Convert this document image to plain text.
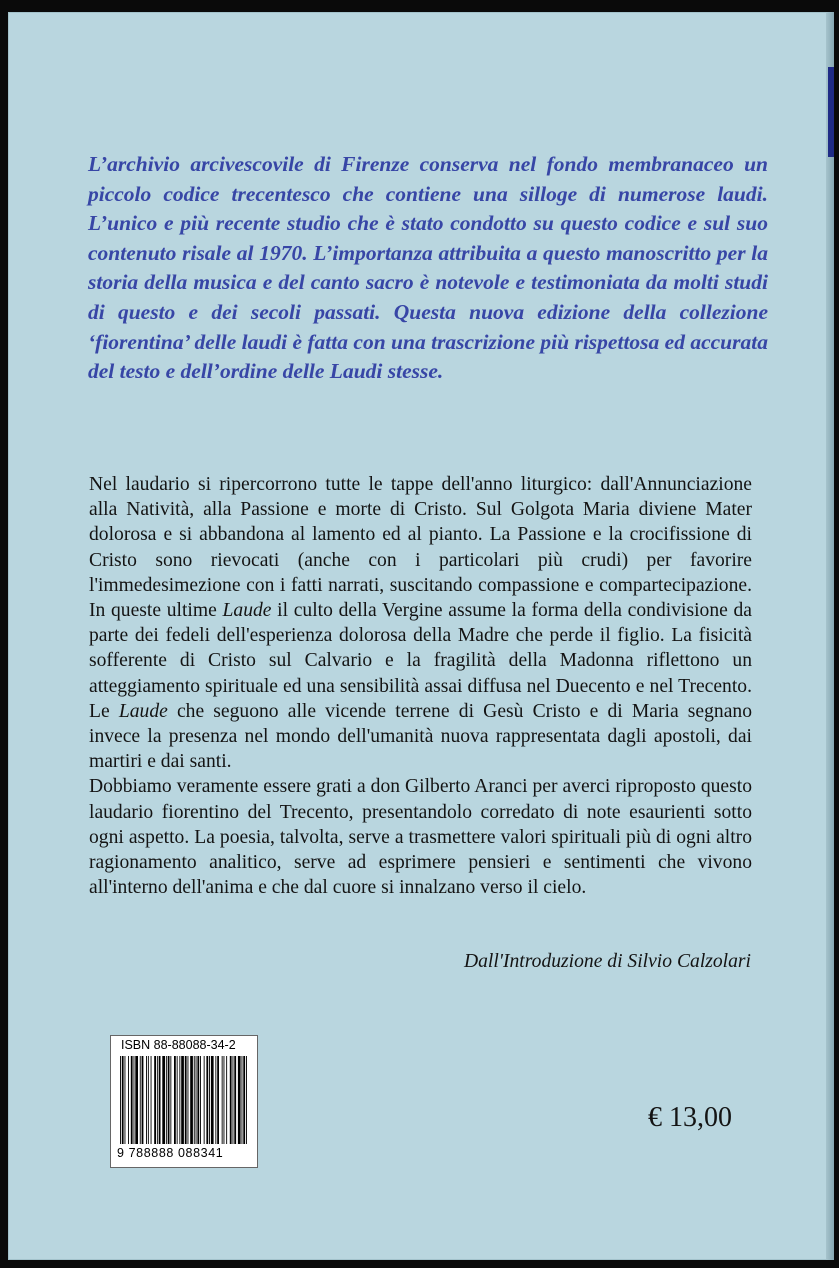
L’archivio arcivescovile di Firenze conserva nel fondo membranaceo un piccolo codice trecentesco che contiene una silloge di numerose laudi. L’unico e più recente studio che è stato condotto su questo codice e sul suo contenuto risale al 1970. L’importanza attribuita a questo manoscritto per la storia della musica e del canto sacro è notevole e testimoniata da molti studi di questo e dei secoli passati. Questa nuova edizione della collezione ‘fiorentina’ delle laudi è fatta con una trascrizione più rispettosa ed accurata del testo e dell’ordine delle Laudi stesse.

Nel laudario si ripercorrono tutte le tappe dell'anno liturgico: dall'Annunciazione alla Natività, alla Passione e morte di Cristo. Sul Golgota Maria diviene Mater dolorosa e si abbandona al lamento ed al pianto. La Passione e la crocifissione di Cristo sono rievocati (anche con i particolari più crudi) per favorire l'immedesimezione con i fatti narrati, suscitando compassione e compartecipazione. In queste ultime Laude il culto della Vergine assume la forma della condivisione da parte dei fedeli dell'esperienza dolorosa della Madre che perde il figlio. La fisicità sofferente di Cristo sul Calvario e la fragilità della Madonna riflettono un atteggiamento spirituale ed una sensibilità assai diffusa nel Duecento e nel Trecento. Le Laude che seguono alle vicende terrene di Gesù Cristo e di Maria segnano invece la presenza nel mondo dell'umanità nuova rappresentata dagli apostoli, dai martiri e dai santi.

Dobbiamo veramente essere grati a don Gilberto Aranci per averci riproposto questo laudario fiorentino del Trecento, presentandolo corredato di note esaurienti sotto ogni aspetto. La poesia, talvolta, serve a trasmettere valori spirituali più di ogni altro ragionamento analitico, serve ad esprimere pensieri e sentimenti che vivono all'interno dell'anima e che dal cuore si innalzano verso il cielo.

Dall'Introduzione di Silvio Calzolari

ISBN 88-88088-34-2
9 788888 088341
€ 13,00
